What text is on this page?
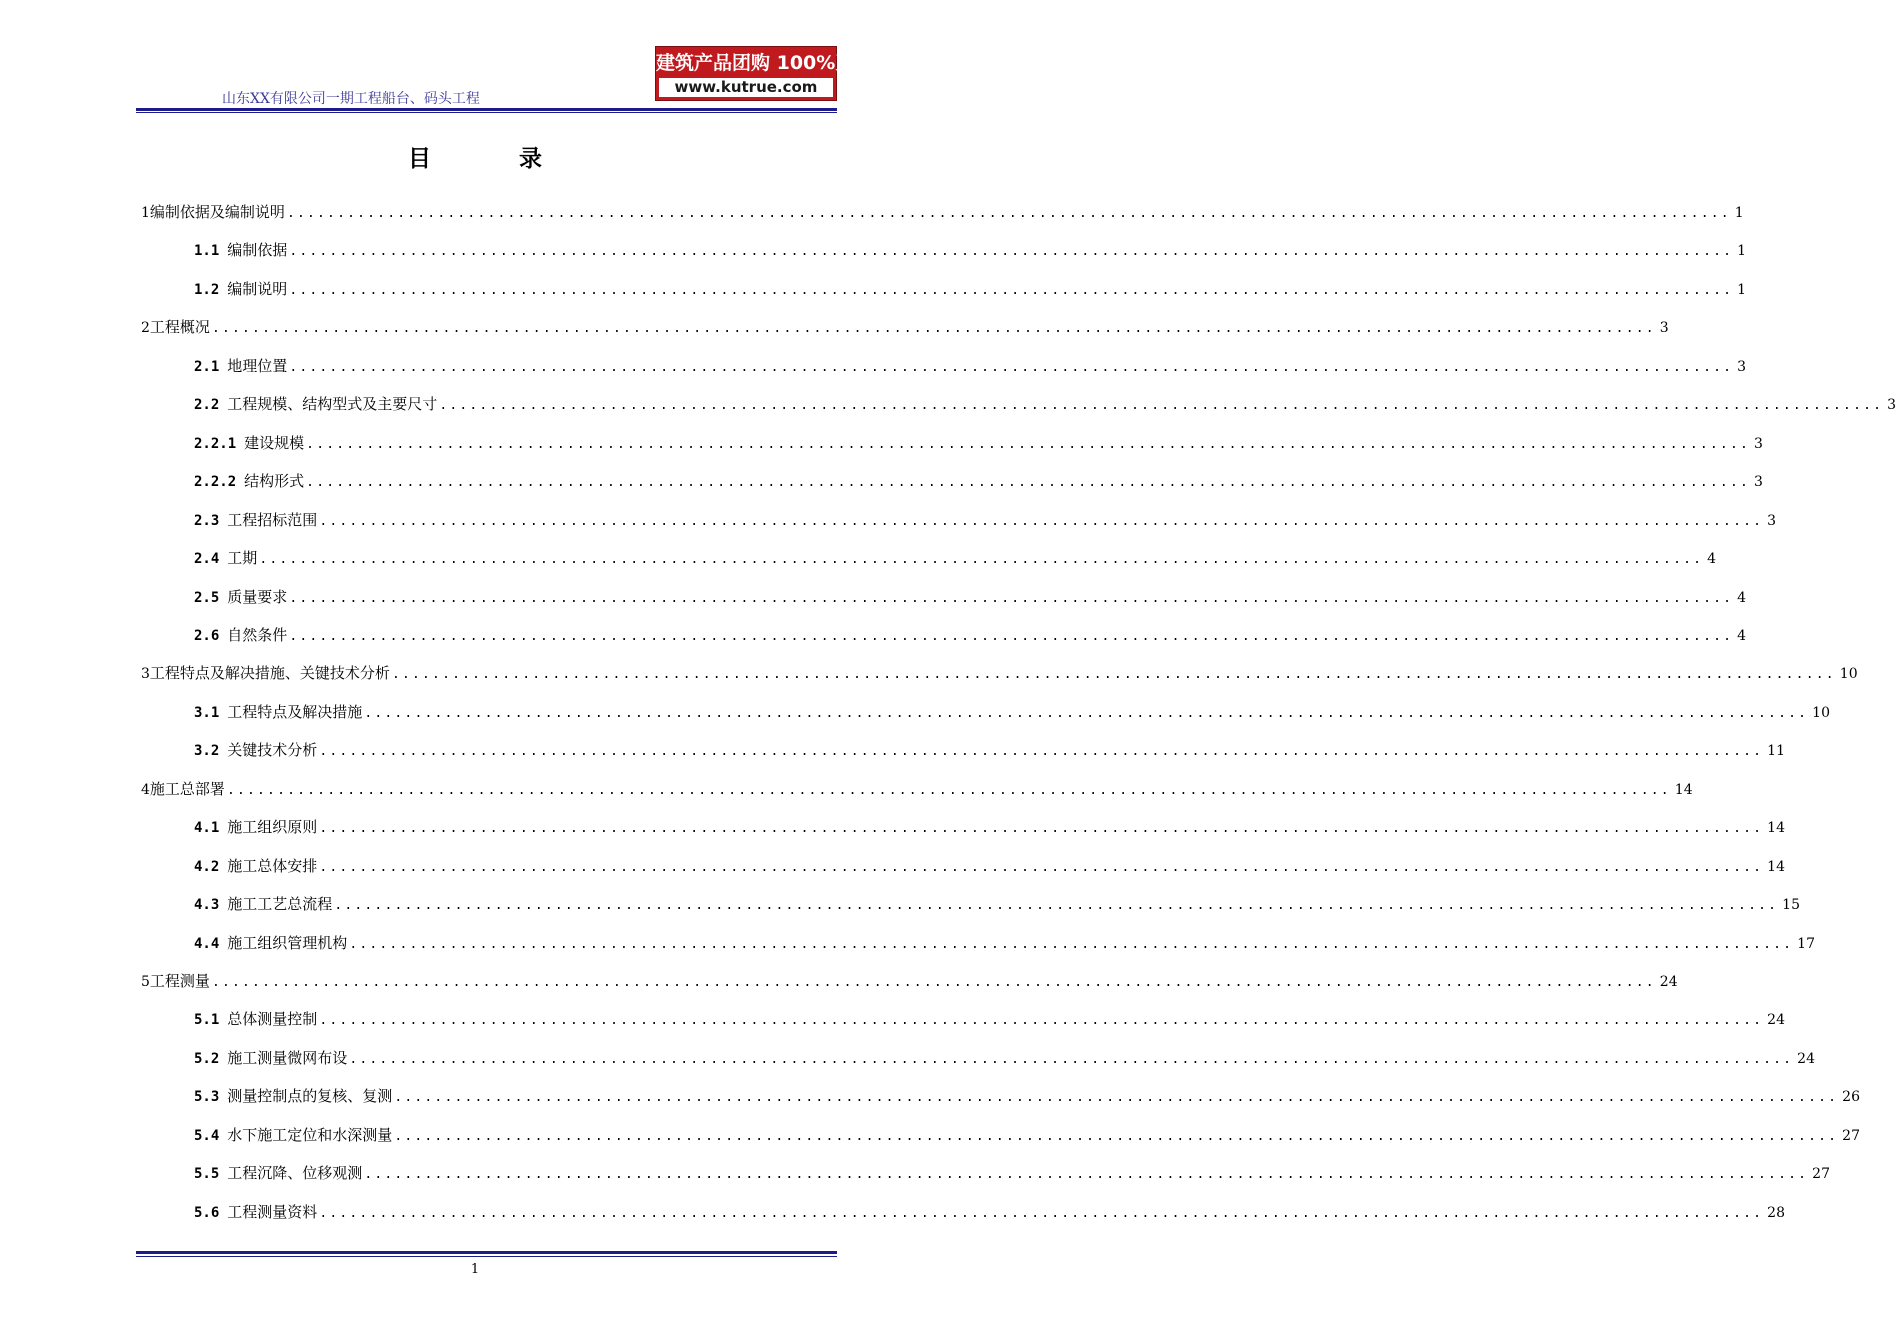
山东XX有限公司一期工程船台、码头工程
建筑产品团购 100%正品
www.kutrue.com
目录
1 编制依据及编制说明 .....	1
1.1 编制依据 .....	1
1.2 编制说明 .....	1
2 工程概况 .....	3
2.1 地理位置 .....	3
2.2 工程规模、结构型式及主要尺寸 .....	3
2.2.1 建设规模 .....	3
2.2.2 结构形式 .....	3
2.3 工程招标范围 .....	3
2.4 工期 .....	4
2.5 质量要求 .....	4
2.6 自然条件 .....	4
3 工程特点及解决措施、关键技术分析 .....	10
3.1 工程特点及解决措施 .....	10
3.2 关键技术分析 .....	11
4 施工总部署 .....	14
4.1 施工组织原则 .....	14
4.2 施工总体安排 .....	14
4.3 施工工艺总流程 .....	15
4.4 施工组织管理机构 .....	17
5 工程测量 .....	24
5.1 总体测量控制 .....	24
5.2 施工测量微网布设 .....	24
5.3 测量控制点的复核、复测 .....	26
5.4 水下施工定位和水深测量 .....	27
5.5 工程沉降、位移观测 .....	27
5.6 工程测量资料 .....	28
1
